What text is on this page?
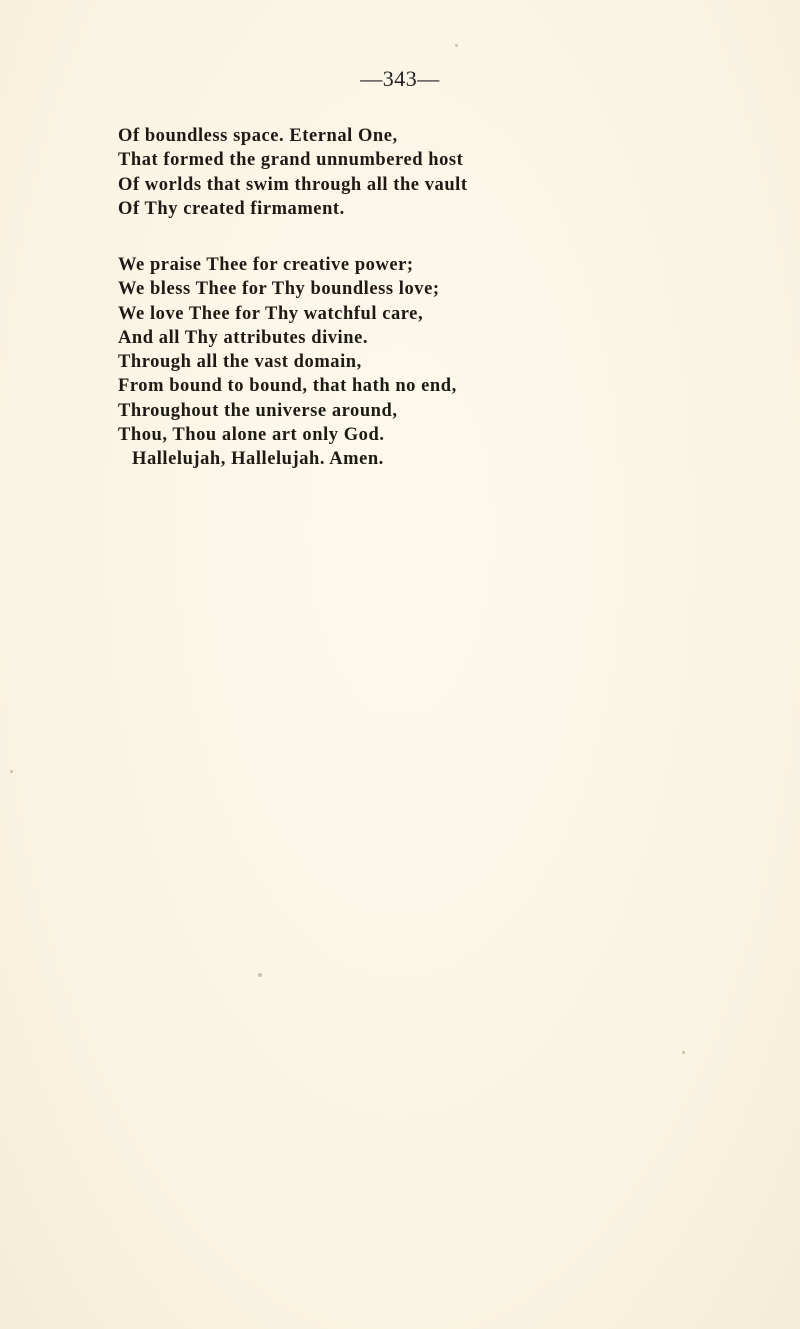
—343—
Of boundless space. Eternal One,
That formed the grand unnumbered host
Of worlds that swim through all the vault
Of Thy created firmament.
We praise Thee for creative power;
We bless Thee for Thy boundless love;
We love Thee for Thy watchful care,
And all Thy attributes divine.
Through all the vast domain,
From bound to bound, that hath no end,
Throughout the universe around,
Thou, Thou alone art only God.
Hallelujah, Hallelujah. Amen.
